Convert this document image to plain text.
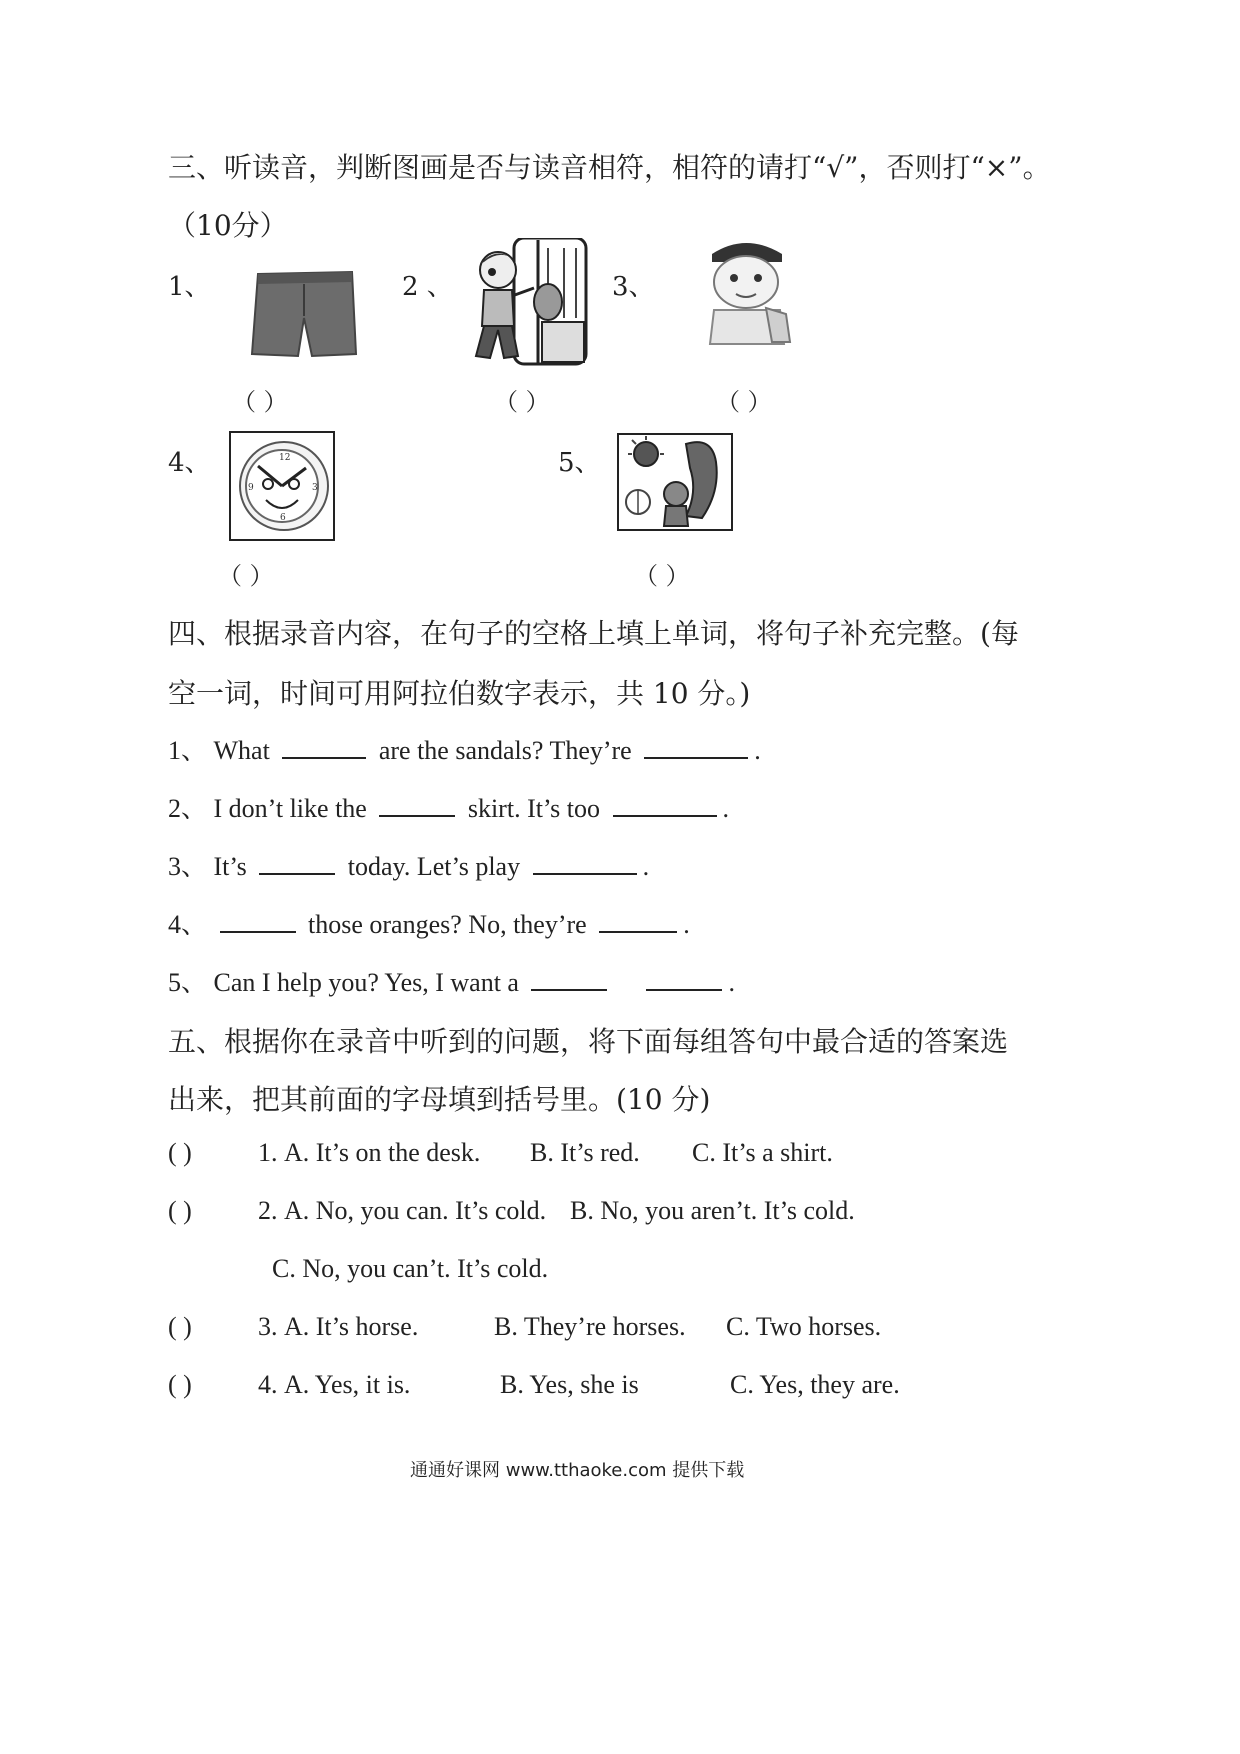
三、听读音，判断图画是否与读音相符，相符的请打“√”，否则打“×”。
（10分）
1、
（ ）
2 、
（ ）
3、
（ ）
4、	12
9	3
6
（ ）
5、
（ ）
四、根据录音内容，在句子的空格上填上单词，将句子补充完整。(每
空一词，时间可用阿拉伯数字表示，共 10 分。)
1、 What	are the sandals? They’re	.
2、 I don’t like the	skirt. It’s too	.
3、 It’s	today. Let’s play	.
4、	those oranges? No, they’re	.
5、 Can I help you? Yes, I want a	.
五、根据你在录音中听到的问题，将下面每组答句中最合适的答案选
出来，把其前面的字母填到括号里。(10 分)
( )	1. A. It’s on the desk. B. It’s red. C. It’s a shirt.
( )	2. A. No, you can. It’s cold. B. No, you aren’t. It’s cold.
C. No, you can’t. It’s cold.
( )	3. A. It’s horse.	B. They’re horses. C. Two horses.
( )	4. A. Yes, it is.	B. Yes, she is	C. Yes, they are.
通通好课网 www.tthaoke.com 提供下载
